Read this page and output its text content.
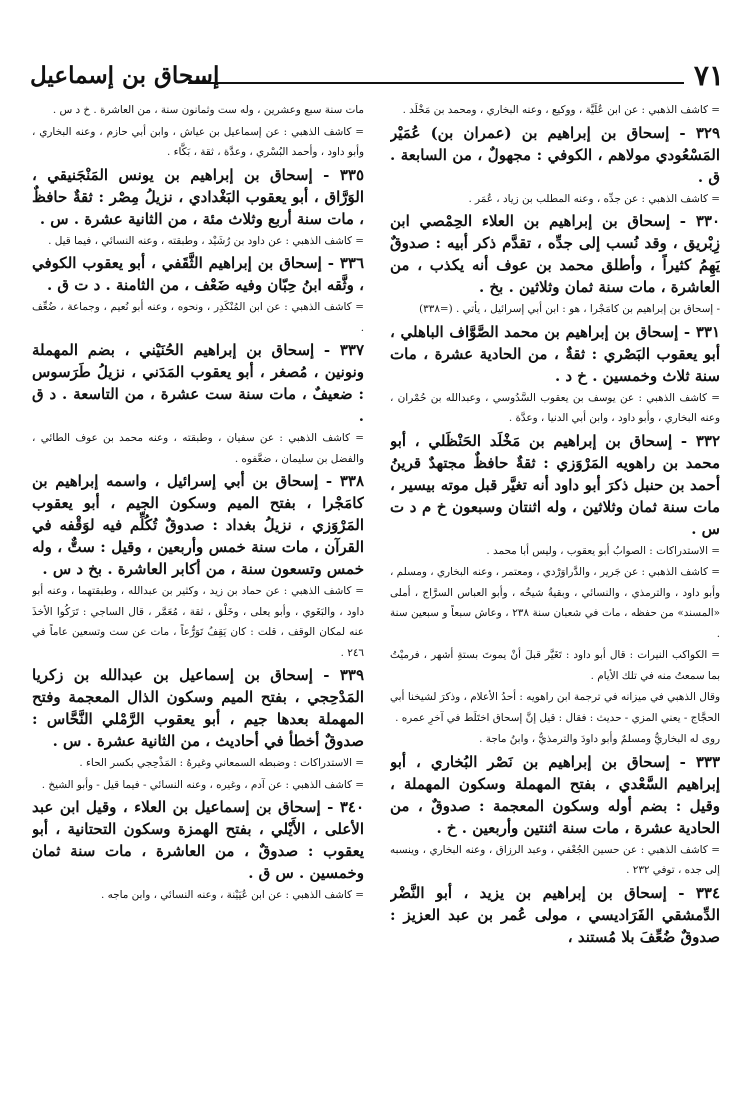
٧١
إسحاق بن إسماعيل

= كاشف الذهبي : عن ابن عُلَيَّة ، ووكيع ، وعنه البخاري ، ومحمد بن مَخْلَد .

٣٢٩ - إسحاق بن إبراهيم بن (عمران بن) عُمَيْر المَسْعُودي مولاهم ، الكوفي : مجهولٌ ، من السابعة . ق .

= كاشف الذهبي : عن جدِّه ، وعنه المطلب بن زياد ، عُمَر .

٣٣٠ - إسحاق بن إبراهيم بن العلاء الحِمْصي ابن زِبْريق ، وقد نُسب إلى جدِّه ، تقدَّم ذكر أبيه : صدوقٌ يَهِمُ كثيراً ، وأطلق محمد بن عوف أنه يكذب ، من العاشرة ، مات سنة ثمان وثلاثين . بخ .

- إسحاق بن إبراهيم بن كامَجْرا ، هو : ابن أبي إسرائيل ، يأتي . (=٣٣٨)

٣٣١ - إسحاق بن إبراهيم بن محمد الصَّوَّاف الباهلي ، أبو يعقوب البَصْري : ثقةٌ ، من الحادية عشرة ، مات سنة ثلاث وخمسين . خ د .

= كاشف الذهبي : عن يوسف بن يعقوب السَّدُوسي ، وعبدالله بن حُمْران ، وعنه البخاري ، وأبو داود ، وابن أبي الدنيا ، وعدَّة .

٣٣٢ - إسحاق بن إبراهيم بن مَخْلَد الحَنْظَلي ، أبو محمد بن راهويه المَرْوَزي : ثقةٌ حافظٌ مجتهدٌ قرينُ أحمد بن حنبل ذكرَ أبو داود أنه تغيَّر قبل موته بيسير ، مات سنة ثمان وثلاثين ، وله اثنتان وسبعون خ م د ت س .

= الاستدراكات : الصوابُ أبو يعقوب ، وليس أبا محمد .

= كاشف الذهبي : عن جَرير ، والدَّراوَرْدي ، ومعتمر ، وعنه البخاري ، ومسلم ، وأبو داود ، والترمذي ، والنسائي ، وبقيةُ شيخُه ، وأبو العباس السرَّاج ، أملى «المسند» من حفظه ، مات في شعبان سنة ٢٣٨ ، وعاش سبعاً و سبعين سنة .

= الكواكب النيرات : قال أبو داود : تَغَيَّر قبلَ أنْ يموتَ بستةِ أشهر ، فرميْتُ بما سمعتُ منه في تلك الأيام .

وقال الذهبي في ميزانه في ترجمة ابن راهويه : أحدُ الأعلام ، وذكرَ لشيخنا أبي الحجَّاج - يعني المزي - حديث : فقال : قيل إنَّ إسحاق اختَلَط في آخرِ عمره .

روى له البخاريُّ ومسلمٌ وأبو داودَ والترمذيُّ ، وابنُ ماجة .

٣٣٣ - إسحاق بن إبراهيم بن نَصْر البُخاري ، أبو إبراهيم السَّعْدي ، بفتح المهملة وسكون المهملة ، وقيل : بضم أوله وسكون المعجمة : صدوقٌ ، من الحادية عشرة ، مات سنة اثنتين وأربعين . خ .

= كاشف الذهبي : عن حسين الجُعْفي ، وعبد الرزاق ، وعنه البخاري ، وينسبه إلى جده ، توفي ٢٣٢ .

٣٣٤ - إسحاق بن إبراهيم بن يزيد ، أبو النَّضْر الدِّمشقي الفَرَاديسي ، مولى عُمر بن عبد العزيز : صدوقٌ ضُعِّفَ بلا مُستند ،

مات سنة سبع وعشرين ، وله ست وثمانون سنة ، من العاشرة . خ د س .

= كاشف الذهبي : عن إسماعيل بن عياش ، وابن أبي حازم ، وعنه البخاري ، وأبو داود ، وأحمد البُسْري ، وعدَّة ، ثقة ، بَكَّاء .

٣٣٥ - إسحاق بن إبراهيم بن يونس المَنْجَنيقي ، الوَرَّاق ، أبو يعقوب البَغْدادي ، نزيلُ مِصْر : ثقةٌ حافظٌ ، مات سنة أربع وثلاث مئة ، من الثانية عشرة . س .

= كاشف الذهبي : عن داود بن رُشَيْد ، وطبقته ، وعنه النسائي ، فيما قيل .

٣٣٦ - إسحاق بن إبراهيم الثَّقَفي ، أبو يعقوب الكوفي ، وثَّقه ابنُ حِبّان وفيه ضَعْف ، من الثامنة . د ت ق .

= كاشف الذهبي : عن ابن المُنْكَدِر ، ونحوه ، وعنه أبو نُعيم ، وجماعة ، ضُعِّف .

٣٣٧ - إسحاق بن إبراهيم الحُنَيْني ، بضم المهملة ونونين ، مُصغر ، أبو يعقوب المَدَني ، نزيلُ طَرَسوس : ضعيفٌ ، مات سنة ست عشرة ، من التاسعة . د ق .

= كاشف الذهبي : عن سفيان ، وطبقته ، وعنه محمد بن عوف الطائي ، والفضل بن سليمان ، ضعَّفوه .

٣٣٨ - إسحاق بن أبي إسرائيل ، واسمه إبراهيم بن كامَجْرا ، بفتح الميم وسكون الجيم ، أبو يعقوب المَرْوَزي ، نزيلُ بغداد : صدوقٌ تُكُلِّم فيه لوَقْفه في القرآن ، مات سنة خمس وأربعين ، وقيل : ستٌّ ، وله خمس وتسعون سنة ، من أكابر العاشرة . بخ د س .

= كاشف الذهبي : عن حماد بن زيد ، وكثير بن عبدالله ، وطبقتهما ، وعنه أبو داود ، والبَغَوي ، وأبو يعلى ، وخَلْق ، ثقة ، مُعَمَّر ، قال الساجي : تَرَكُوا الأخذَ عنه لمكان الوقف ، قلت : كان يَقِفُ تَوَرُّعاً ، مات عن ست وتسعين عاماً في ٢٤٦ .

٣٣٩ - إسحاق بن إسماعيل بن عبدالله بن زكريا المَدْحِجي ، بفتح الميم وسكون الذال المعجمة وفتح المهملة بعدها جيم ، أبو يعقوب الرَّمْلي النَّحَّاس : صدوقٌ أخطأ في أحاديث ، من الثانية عشرة . س .

= الاستدراكات : وضبطه السمعاني وغيرهُ : المَذْحِجي بكسر الحاء .

= كاشف الذهبي : عن آدم ، وغيره ، وعنه النسائي - فيما قيل - وأبو الشيخ .

٣٤٠ - إسحاق بن إسماعيل بن العلاء ، وقيل ابن عبد الأعلى ، الأَيْلي ، بفتح الهمزة وسكون التحتانية ، أبو يعقوب : صدوقٌ ، من العاشرة ، مات سنة ثمان وخمسين . س ق .

= كاشف الذهبي : عن ابن عُيَيْنة ، وعنه النسائي ، وابن ماجه .
